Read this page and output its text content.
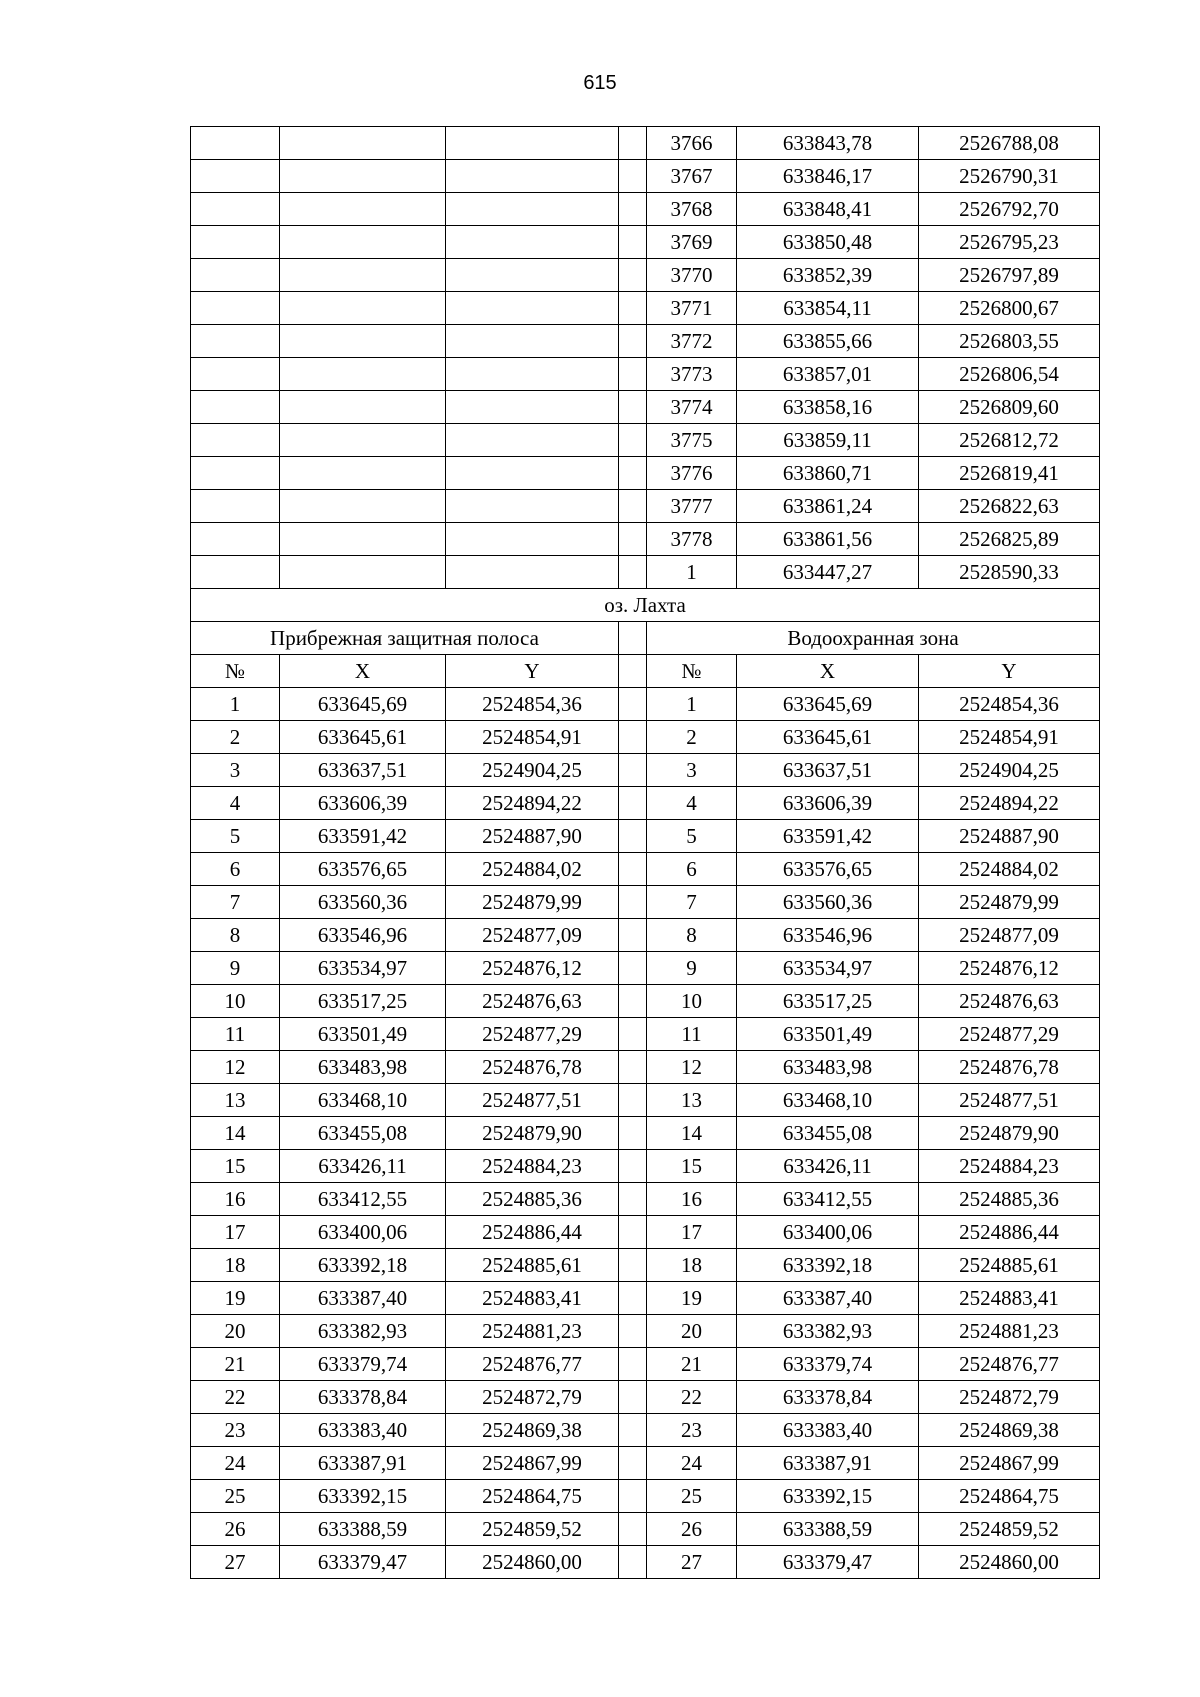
615
				3766	633843,78	2526788,08
				3767	633846,17	2526790,31
				3768	633848,41	2526792,70
				3769	633850,48	2526795,23
				3770	633852,39	2526797,89
				3771	633854,11	2526800,67
				3772	633855,66	2526803,55
				3773	633857,01	2526806,54
				3774	633858,16	2526809,60
				3775	633859,11	2526812,72
				3776	633860,71	2526819,41
				3777	633861,24	2526822,63
				3778	633861,56	2526825,89
				1	633447,27	2528590,33
оз. Лахта						
Прибрежная защитная полоса				Водоохранная зона		
№	X	Y		№	X	Y
1	633645,69	2524854,36		1	633645,69	2524854,36
2	633645,61	2524854,91		2	633645,61	2524854,91
3	633637,51	2524904,25		3	633637,51	2524904,25
4	633606,39	2524894,22		4	633606,39	2524894,22
5	633591,42	2524887,90		5	633591,42	2524887,90
6	633576,65	2524884,02		6	633576,65	2524884,02
7	633560,36	2524879,99		7	633560,36	2524879,99
8	633546,96	2524877,09		8	633546,96	2524877,09
9	633534,97	2524876,12		9	633534,97	2524876,12
10	633517,25	2524876,63		10	633517,25	2524876,63
11	633501,49	2524877,29		11	633501,49	2524877,29
12	633483,98	2524876,78		12	633483,98	2524876,78
13	633468,10	2524877,51		13	633468,10	2524877,51
14	633455,08	2524879,90		14	633455,08	2524879,90
15	633426,11	2524884,23		15	633426,11	2524884,23
16	633412,55	2524885,36		16	633412,55	2524885,36
17	633400,06	2524886,44		17	633400,06	2524886,44
18	633392,18	2524885,61		18	633392,18	2524885,61
19	633387,40	2524883,41		19	633387,40	2524883,41
20	633382,93	2524881,23		20	633382,93	2524881,23
21	633379,74	2524876,77		21	633379,74	2524876,77
22	633378,84	2524872,79		22	633378,84	2524872,79
23	633383,40	2524869,38		23	633383,40	2524869,38
24	633387,91	2524867,99		24	633387,91	2524867,99
25	633392,15	2524864,75		25	633392,15	2524864,75
26	633388,59	2524859,52		26	633388,59	2524859,52
27	633379,47	2524860,00		27	633379,47	2524860,00
